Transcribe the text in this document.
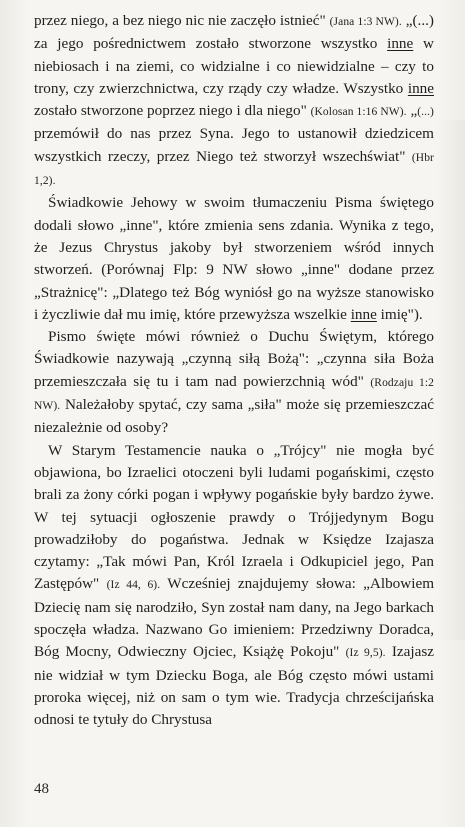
przez niego, a bez niego nic nie zaczęło istnieć" (Jana 1:3 NW). „(...) za jego pośrednictwem zostało stworzone wszystko inne w niebiosach i na ziemi, co widzialne i co niewidzialne – czy to trony, czy zwierzchnictwa, czy rządy czy władze. Wszystko inne zostało stworzone poprzez niego i dla niego" (Kolosan 1:16 NW). „(...) przemówił do nas przez Syna. Jego to ustanowił dziedzicem wszystkich rzeczy, przez Niego też stworzył wszechświat" (Hbr 1,2).

Świadkowie Jehowy w swoim tłumaczeniu Pisma świętego dodali słowo „inne", które zmienia sens zdania. Wynika z tego, że Jezus Chrystus jakoby był stworzeniem wśród innych stworzeń. (Porównaj Flp: 9 NW słowo „inne" dodane przez „Strażnicę": „Dlatego też Bóg wyniósł go na wyższe stanowisko i życzliwie dał mu imię, które przewyższa wszelkie inne imię").

Pismo święte mówi również o Duchu Świętym, którego Świadkowie nazywają „czynną siłą Bożą": „czynna siła Boża przemieszczała się tu i tam nad powierzchnią wód" (Rodzaju 1:2 NW). Należałoby spytać, czy sama „siła" może się przemieszczać niezależnie od osoby?

W Starym Testamencie nauka o „Trójcy" nie mogła być objawiona, bo Izraelici otoczeni byli ludami pogańskimi, często brali za żony córki pogan i wpływy pogańskie były bardzo żywe. W tej sytuacji ogłoszenie prawdy o Trójjedynym Bogu prowadziłoby do pogaństwa. Jednak w Księdze Izajasza czytamy: „Tak mówi Pan, Król Izraela i Odkupiciel jego, Pan Zastępów" (Iz 44, 6). Wcześniej znajdujemy słowa: „Albowiem Dziecię nam się narodziło, Syn został nam dany, na Jego barkach spoczęła władza. Nazwano Go imieniem: Przedziwny Doradca, Bóg Mocny, Odwieczny Ojciec, Książę Pokoju" (Iz 9,5). Izajasz nie widział w tym Dziecku Boga, ale Bóg często mówi ustami proroka więcej, niż on sam o tym wie. Tradycja chrześcijańska odnosi te tytuły do Chrystusa

48
